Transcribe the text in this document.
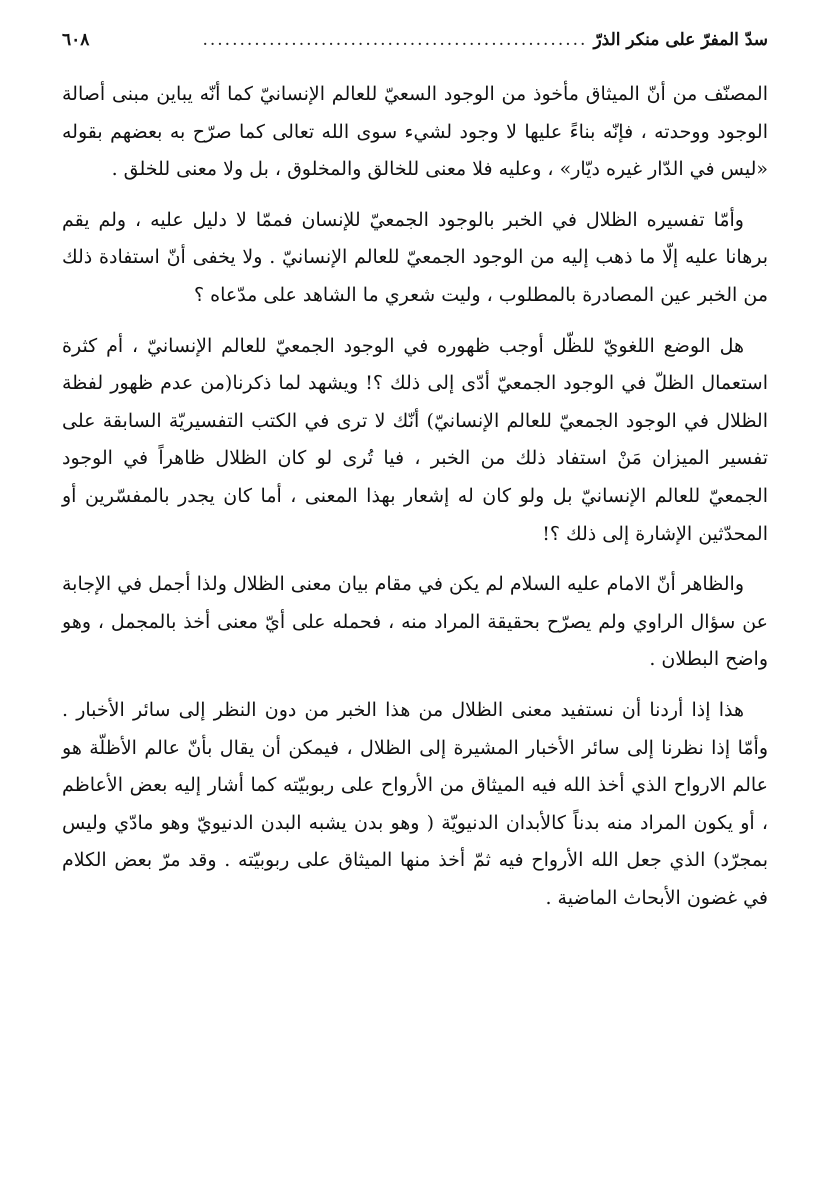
سدّ المفرّ على منكر الذرّ
....................................................
٦٠٨

المصنّف من أنّ الميثاق مأخوذ من الوجود السعيّ للعالم الإنسانيّ كما أنّه يباين مبنى أصالة الوجود ووحدته ، فإنّه بناءً عليها لا وجود لشيء سوى الله تعالى كما صرّح به بعضهم بقوله «ليس في الدّار غيره ديّار» ، وعليه فلا معنى للخالق والمخلوق ، بل ولا معنى للخلق .

وأمّا تفسيره الظلال في الخبر بالوجود الجمعيّ للإنسان فممّا لا دليل عليه ، ولم يقم برهانا عليه إلّا ما ذهب إليه من الوجود الجمعيّ للعالم الإنسانيّ . ولا يخفى أنّ استفادة ذلك من الخبر عين المصادرة بالمطلوب ، وليت شعري ما الشاهد على مدّعاه ؟

هل الوضع اللغويّ للظّل أوجب ظهوره في الوجود الجمعيّ للعالم الإنسانيّ ، أم كثرة استعمال الظلّ في الوجود الجمعيّ أدّى إلى ذلك ؟! ويشهد لما ذكرنا(من عدم ظهور لفظة الظلال في الوجود الجمعيّ للعالم الإنسانيّ) أنّك لا ترى في الكتب التفسيريّة السابقة على تفسير الميزان مَنْ استفاد ذلك من الخبر ، فيا تُرى لو كان الظلال ظاهراً في الوجود الجمعيّ للعالم الإنسانيّ بل ولو كان له إشعار بهذا المعنى ، أما كان يجدر بالمفسّرين أو المحدّثين الإشارة إلى ذلك ؟!

والظاهر أنّ الامام عليه السلام لم يكن في مقام بيان معنى الظلال ولذا أجمل في الإجابة عن سؤال الراوي ولم يصرّح بحقيقة المراد منه ، فحمله على أيّ معنى أخذ بالمجمل ، وهو واضح البطلان .

هذا إذا أردنا أن نستفيد معنى الظلال من هذا الخبر من دون النظر إلى سائر الأخبار . وأمّا إذا نظرنا إلى سائر الأخبار المشيرة إلى الظلال ، فيمكن أن يقال بأنّ عالم الأظلّة هو عالم الارواح الذي أخذ الله فيه الميثاق من الأرواح على ربوبيّته كما أشار إليه بعض الأعاظم ، أو يكون المراد منه بدناً كالأبدان الدنيويّة ( وهو بدن يشبه البدن الدنيويّ وهو مادّي وليس بمجرّد) الذي جعل الله الأرواح فيه ثمّ أخذ منها الميثاق على ربوبيّته . وقد مرّ بعض الكلام في غضون الأبحاث الماضية .
